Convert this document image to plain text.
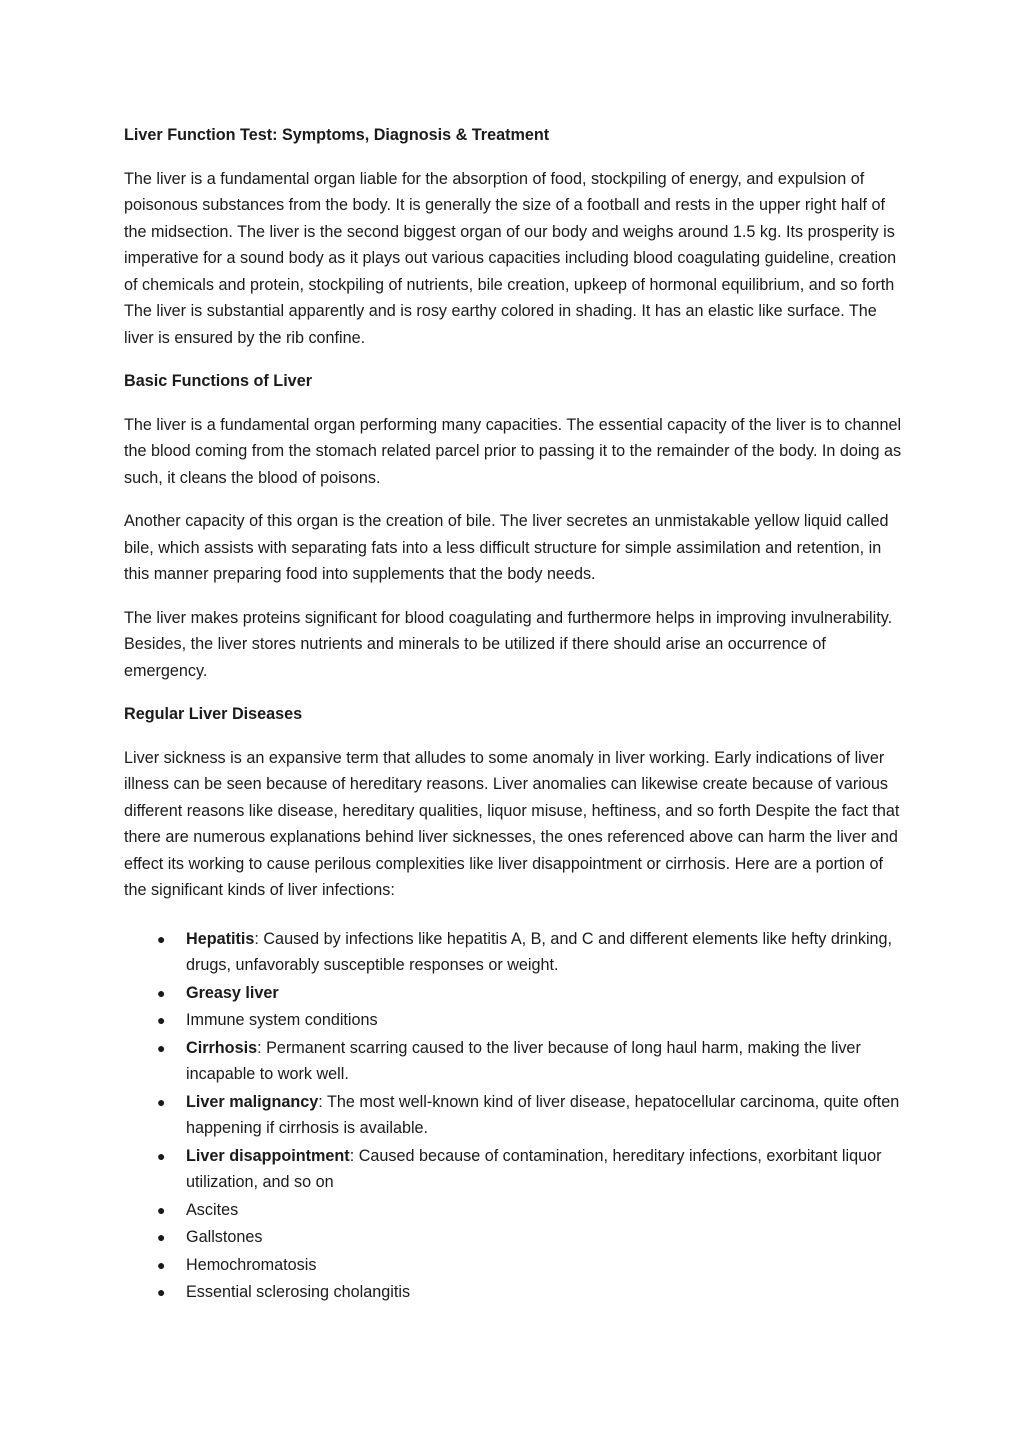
Liver Function Test: Symptoms, Diagnosis & Treatment

The liver is a fundamental organ liable for the absorption of food, stockpiling of energy, and expulsion of poisonous substances from the body. It is generally the size of a football and rests in the upper right half of the midsection. The liver is the second biggest organ of our body and weighs around 1.5 kg. Its prosperity is imperative for a sound body as it plays out various capacities including blood coagulating guideline, creation of chemicals and protein, stockpiling of nutrients, bile creation, upkeep of hormonal equilibrium, and so forth The liver is substantial apparently and is rosy earthy colored in shading. It has an elastic like surface. The liver is ensured by the rib confine.

Basic Functions of Liver

The liver is a fundamental organ performing many capacities. The essential capacity of the liver is to channel the blood coming from the stomach related parcel prior to passing it to the remainder of the body. In doing as such, it cleans the blood of poisons.

Another capacity of this organ is the creation of bile. The liver secretes an unmistakable yellow liquid called bile, which assists with separating fats into a less difficult structure for simple assimilation and retention, in this manner preparing food into supplements that the body needs.

The liver makes proteins significant for blood coagulating and furthermore helps in improving invulnerability. Besides, the liver stores nutrients and minerals to be utilized if there should arise an occurrence of emergency.

Regular Liver Diseases

Liver sickness is an expansive term that alludes to some anomaly in liver working. Early indications of liver illness can be seen because of hereditary reasons. Liver anomalies can likewise create because of various different reasons like disease, hereditary qualities, liquor misuse, heftiness, and so forth Despite the fact that there are numerous explanations behind liver sicknesses, the ones referenced above can harm the liver and effect its working to cause perilous complexities like liver disappointment or cirrhosis. Here are a portion of the significant kinds of liver infections:

● Hepatitis: Caused by infections like hepatitis A, B, and C and different elements like hefty drinking, drugs, unfavorably susceptible responses or weight.
● Greasy liver
● Immune system conditions
● Cirrhosis: Permanent scarring caused to the liver because of long haul harm, making the liver incapable to work well.
● Liver malignancy: The most well-known kind of liver disease, hepatocellular carcinoma, quite often happening if cirrhosis is available.
● Liver disappointment: Caused because of contamination, hereditary infections, exorbitant liquor utilization, and so on
● Ascites
● Gallstones
● Hemochromatosis
● Essential sclerosing cholangitis
